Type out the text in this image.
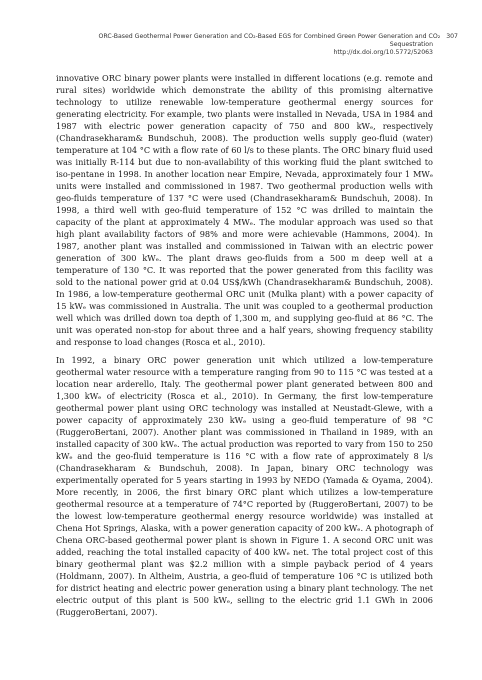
ORC-Based Geothermal Power Generation and CO₂-Based EGS for Combined Green Power Generation and CO₂ 307
Sequestration
http://dx.doi.org/10.5772/52063

innovative ORC binary power plants were installed in different locations (e.g. remote and rural sites) worldwide which demonstrate the ability of this promising alternative technology to utilize renewable low-temperature geothermal energy sources for generating electricity. For example, two plants were installed in Nevada, USA in 1984 and 1987 with electric power generation capacity of 750 and 800 kWₑ, respectively (Chandrasekharam& Bundschuh, 2008). The production wells supply geo-fluid (water) temperature at 104 °C with a flow rate of 60 l/s to these plants. The ORC binary fluid used was initially R-114 but due to non-availability of this working fluid the plant switched to iso-pentane in 1998. In another location near Empire, Nevada, approximately four 1 MWₑ units were installed and commissioned in 1987. Two geothermal production wells with geo-fluids temperature of 137 °C were used (Chandrasekharam& Bundschuh, 2008). In 1998, a third well with geo-fluid temperature of 152 °C was drilled to maintain the capacity of the plant at approximately 4 MWₑ. The modular approach was used so that high plant availability factors of 98% and more were achievable (Hammons, 2004). In 1987, another plant was installed and commissioned in Taiwan with an electric power generation of 300 kWₑ. The plant draws geo-fluids from a 500 m deep well at a temperature of 130 °C. It was reported that the power generated from this facility was sold to the national power grid at 0.04 US$/kWh (Chandrasekharam& Bundschuh, 2008). In 1986, a low-temperature geothermal ORC unit (Mulka plant) with a power capacity of 15 kWₑ was commissioned in Australia. The unit was coupled to a geothermal production well which was drilled down toa depth of 1,300 m, and supplying geo-fluid at 86 °C. The unit was operated non-stop for about three and a half years, showing frequency stability and response to load changes (Rosca et al., 2010).

In 1992, a binary ORC power generation unit which utilized a low-temperature geothermal water resource with a temperature ranging from 90 to 115 °C was tested at a location near arderello, Italy. The geothermal power plant generated between 800 and 1,300 kWₑ of electricity (Rosca et al., 2010). In Germany, the first low-temperature geothermal power plant using ORC technology was installed at Neustadt-Glewe, with a power capacity of approximately 230 kWₑ using a geo-fluid temperature of 98 °C (RuggeroBertani, 2007). Another plant was commissioned in Thailand in 1989, with an installed capacity of 300 kWₑ. The actual production was reported to vary from 150 to 250 kWₑ and the geo-fluid temperature is 116 °C with a flow rate of approximately 8 l/s (Chandrasekharam & Bundschuh, 2008). In Japan, binary ORC technology was experimentally operated for 5 years starting in 1993 by NEDO (Yamada & Oyama, 2004). More recently, in 2006, the first binary ORC plant which utilizes a low-temperature geothermal resource at a temperature of 74°C reported by (RuggeroBertani, 2007) to be the lowest low-temperature geothermal energy resource worldwide) was installed at Chena Hot Springs, Alaska, with a power generation capacity of 200 kWₑ. A photograph of Chena ORC-based geothermal power plant is shown in Figure 1. A second ORC unit was added, reaching the total installed capacity of 400 kWₑ net. The total project cost of this binary geothermal plant was $2.2 million with a simple payback period of 4 years (Holdmann, 2007). In Altheim, Austria, a geo-fluid of temperature 106 °C is utilized both for district heating and electric power generation using a binary plant technology. The net electric output of this plant is 500 kWₑ, selling to the electric grid 1.1 GWh in 2006 (RuggeroBertani, 2007).
